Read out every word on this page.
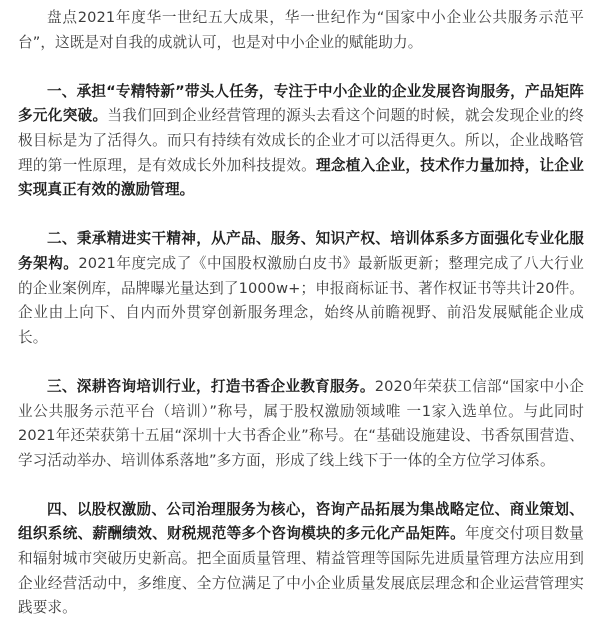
盘点2021年度华一世纪五大成果，华一世纪作为“国家中小企业公共服务示范平台”，这既是对自我的成就认可，也是对中小企业的赋能助力。

一、承担“专精特新”带头人任务，专注于中小企业的企业发展咨询服务，产品矩阵多元化突破。当我们回到企业经营管理的源头去看这个问题的时候，就会发现企业的终极目标是为了活得久。而只有持续有效成长的企业才可以活得更久。所以，企业战略管理的第一性原理，是有效成长外加科技提效。理念植入企业，技术作力量加持，让企业实现真正有效的激励管理。

二、秉承精进实干精神，从产品、服务、知识产权、培训体系多方面强化专业化服务架构。2021年度完成了《中国股权激励白皮书》最新版更新；整理完成了八大行业的企业案例库，品牌曝光量达到了1000w+；申报商标证书、著作权证书等共计20件。企业由上向下、自内而外贯穿创新服务理念，始终从前瞻视野、前沿发展赋能企业成长。

三、深耕咨询培训行业，打造书香企业教育服务。2020年荣获工信部“国家中小企业公共服务示范平台（培训）”称号，属于股权激励领域唯 一1家入选单位。与此同时2021年还荣获第十五届“深圳十大书香企业”称号。在“基础设施建设、书香氛围营造、学习活动举办、培训体系落地”多方面，形成了线上线下于一体的全方位学习体系。

四、以股权激励、公司治理服务为核心，咨询产品拓展为集战略定位、商业策划、组织系统、薪酬绩效、财税规范等多个咨询模块的多元化产品矩阵。年度交付项目数量和辐射城市突破历史新高。把全面质量管理、精益管理等国际先进质量管理方法应用到企业经营活动中，多维度、全方位满足了中小企业质量发展底层理念和企业运营管理实践要求。
